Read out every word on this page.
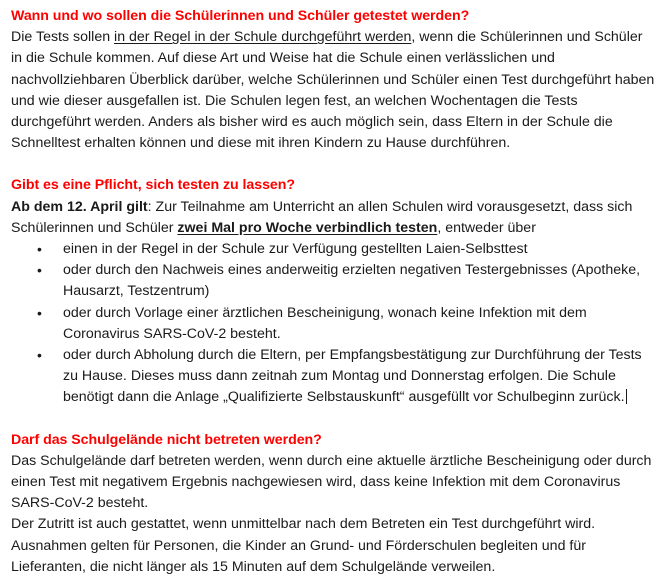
Wann und wo sollen die Schülerinnen und Schüler getestet werden?

Die Tests sollen in der Regel in der Schule durchgeführt werden, wenn die Schülerinnen und Schüler in die Schule kommen. Auf diese Art und Weise hat die Schule einen verlässlichen und nachvollziehbaren Überblick darüber, welche Schülerinnen und Schüler einen Test durchgeführt haben und wie dieser ausgefallen ist. Die Schulen legen fest, an welchen Wochentagen die Tests durchgeführt werden. Anders als bisher wird es auch möglich sein, dass Eltern in der Schule die Schnelltest erhalten können und diese mit ihren Kindern zu Hause durchführen.

Gibt es eine Pflicht, sich testen zu lassen?

Ab dem 12. April gilt: Zur Teilnahme am Unterricht an allen Schulen wird vorausgesetzt, dass sich Schülerinnen und Schüler zwei Mal pro Woche verbindlich testen, entweder über

• einen in der Regel in der Schule zur Verfügung gestellten Laien-Selbsttest
• oder durch den Nachweis eines anderweitig erzielten negativen Testergebnisses (Apotheke, Hausarzt, Testzentrum)
• oder durch Vorlage einer ärztlichen Bescheinigung, wonach keine Infektion mit dem Coronavirus SARS-CoV-2 besteht.
• oder durch Abholung durch die Eltern, per Empfangsbestätigung zur Durchführung der Tests zu Hause. Dieses muss dann zeitnah zum Montag und Donnerstag erfolgen. Die Schule benötigt dann die Anlage „Qualifizierte Selbstauskunft“ ausgefüllt vor Schulbeginn zurück.
Darf das Schulgelände nicht betreten werden?

Das Schulgelände darf betreten werden, wenn durch eine aktuelle ärztliche Bescheinigung oder durch einen Test mit negativem Ergebnis nachgewiesen wird, dass keine Infektion mit dem Coronavirus SARS-CoV-2 besteht.

Der Zutritt ist auch gestattet, wenn unmittelbar nach dem Betreten ein Test durchgeführt wird. Ausnahmen gelten für Personen, die Kinder an Grund- und Förderschulen begleiten und für Lieferanten, die nicht länger als 15 Minuten auf dem Schulgelände verweilen.
